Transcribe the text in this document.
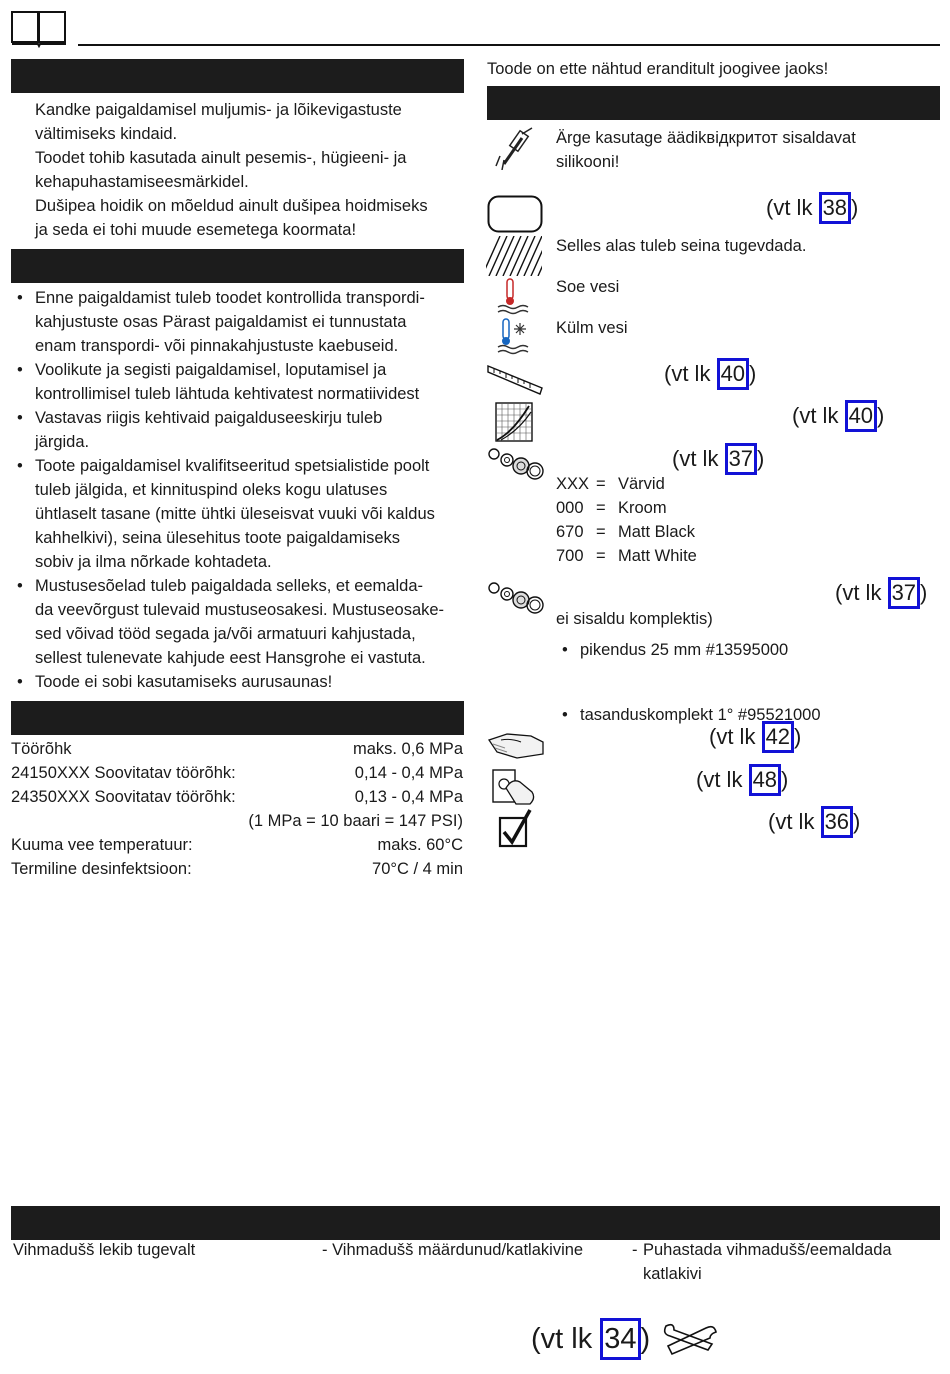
Kandke paigaldamisel muljumis- ja lõikevigastuste
vältimiseks kindaid.
Toodet tohib kasutada ainult pesemis-, hügieeni- ja
kehapuhastamiseesmärkidel.
Dušipea hoidik on mõeldud ainult dušipea hoidmiseks
ja seda ei tohi muude esemetega koormata!
• Enne paigaldamist tuleb toodet kontrollida transpordi-
kahjustuste osas Pärast paigaldamist ei tunnustata
enam transpordi- või pinnakahjustuste kaebuseid.
• Voolikute ja segisti paigaldamisel, loputamisel ja
kontrollimisel tuleb lähtuda kehtivatest normatiividest
• Vastavas riigis kehtivaid paigalduseeskirju tuleb
järgida.
• Toote paigaldamisel kvalifitseeritud spetsialistide poolt
tuleb jälgida, et kinnituspind oleks kogu ulatuses
ühtlaselt tasane (mitte ühtki üleseisvat vuuki või kaldus
kahhelkivi), seina ülesehitus toote paigaldamiseks
sobiv ja ilma nõrkade kohtadeta.
• Mustusesõelad tuleb paigaldada selleks, et eemalda-
da veevõrgust tulevaid mustuseosakesi. Mustuseosake-
sed võivad tööd segada ja/või armatuuri kahjustada,
sellest tulenevate kahjude eest Hansgrohe ei vastuta.
• Toode ei sobi kasutamiseks aurusaunas!
Töörõhk	maks. 0,6 MPa
24150XXX Soovitatav töörõhk:	0,14 - 0,4 MPa
24350XXX Soovitatav töörõhk:	0,13 - 0,4 MPa
(1 MPa = 10 baari = 147 PSI)
Kuuma vee temperatuur:	maks. 60°C
Termiline desinfektsioon:	70°C / 4 min
Toode on ette nähtud eranditult joogivee jaoks!
Ärge kasutage äädikвідкритот sisaldavat
silikooni!
(vt lk 38 )
Selles alas tuleb seina tugevdada.
Soe vesi
Külm vesi
(vt lk 40 )
(vt lk 40 )
(vt lk 37 )
XXX = Värvid
000 = Kroom
670 = Matt Black
700 = Matt White
(vt lk 37 )
ei sisaldu komplektis)
• pikendus 25 mm #13595000
• tasanduskomplekt 1° #95521000
(vt lk 42 )
(vt lk 48 )
(vt lk 36 )
Vihmadušš lekib tugevalt	- Vihmadušš määrdunud/katlakivine	- Puhastada vihmadušš/eemaldada
katlakivi
(vt lk 34 )
